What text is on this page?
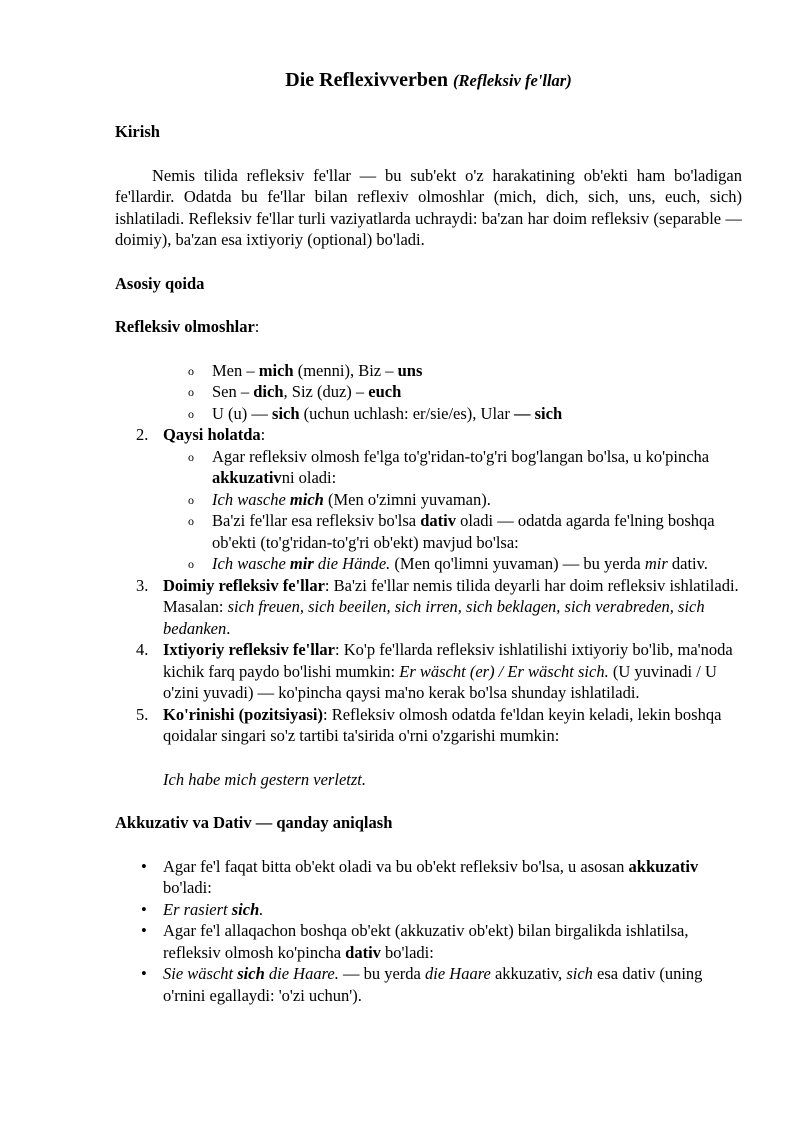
Die Reflexivverben (Refleksiv fe'llar)
Kirish

Nemis tilida refleksiv fe'llar — bu sub'ekt o'z harakatining ob'ekti ham bo'ladigan fe'llardir. Odatda bu fe'llar bilan reflexiv olmoshlar (mich, dich, sich, uns, euch, sich) ishlatiladi. Refleksiv fe'llar turli vaziyatlarda uchraydi: ba'zan har doim refleksiv (separable — doimiy), ba'zan esa ixtiyoriy (optional) bo'ladi.

Asosiy qoida
Refleksiv olmoshlar:
o Men – mich (menni), Biz – uns
o Sen – dich, Siz (duz) – euch
o U (u) — sich (uchun uchlash: er/sie/es), Ular — sich
2. Qaysi holatda:
o Agar refleksiv olmosh fe'lga to'g'ridan-to'g'ri bog'langan bo'lsa, u ko'pincha akkuzativni oladi:
o Ich wasche mich (Men o'zimni yuvaman).
o Ba'zi fe'llar esa refleksiv bo'lsa dativ oladi — odatda agarda fe'lning boshqa ob'ekti (to'g'ridan-to'g'ri ob'ekt) mavjud bo'lsa:
o Ich wasche mir die Hände. (Men qo'limni yuvaman) — bu yerda mir dativ.
3. Doimiy refleksiv fe'llar: Ba'zi fe'llar nemis tilida deyarli har doim refleksiv ishlatiladi. Masalan: sich freuen, sich beeilen, sich irren, sich beklagen, sich verabreden, sich bedanken.
4. Ixtiyoriy refleksiv fe'llar: Ko'p fe'llarda refleksiv ishlatilishi ixtiyoriy bo'lib, ma'noda kichik farq paydo bo'lishi mumkin: Er wäscht (er) / Er wäscht sich. (U yuvinadi / U o'zini yuvadi) — ko'pincha qaysi ma'no kerak bo'lsa shunday ishlatiladi.
5. Ko'rinishi (pozitsiyasi): Refleksiv olmosh odatda fe'ldan keyin keladi, lekin boshqa qoidalar singari so'z tartibi ta'sirida o'rni o'zgarishi mumkin:
Ich habe mich gestern verletzt.
Akkuzativ va Dativ — qanday aniqlash
• Agar fe'l faqat bitta ob'ekt oladi va bu ob'ekt refleksiv bo'lsa, u asosan akkuzativ bo'ladi:
• Er rasiert sich.
• Agar fe'l allaqachon boshqa ob'ekt (akkuzativ ob'ekt) bilan birgalikda ishlatilsa, refleksiv olmosh ko'pincha dativ bo'ladi:
• Sie wäscht sich die Haare. — bu yerda die Haare akkuzativ, sich esa dativ (uning o'rnini egallaydi: 'o'zi uchun').
